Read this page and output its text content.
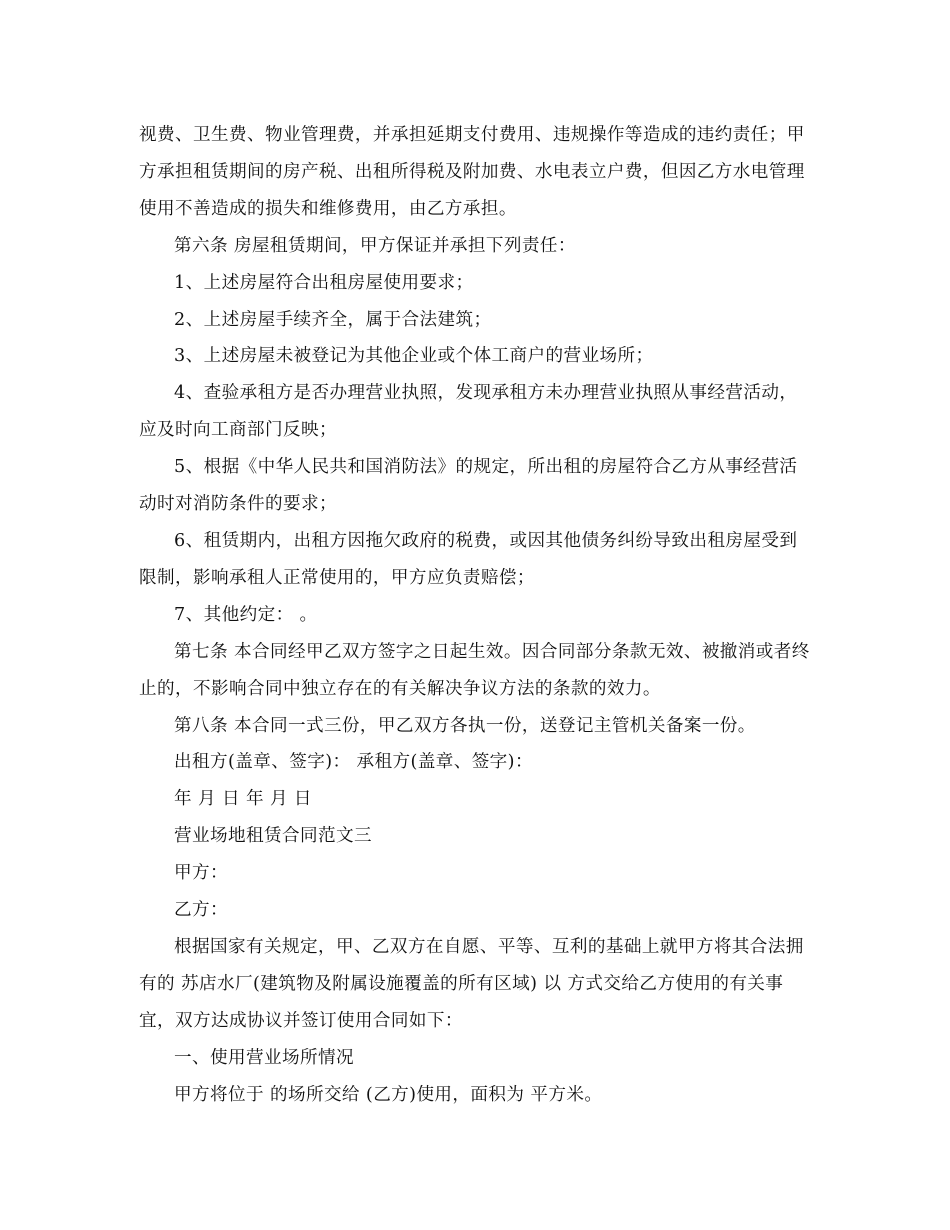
视费、卫生费、物业管理费，并承担延期支付费用、违规操作等造成的违约责任；甲方承担租赁期间的房产税、出租所得税及附加费、水电表立户费，但因乙方水电管理使用不善造成的损失和维修费用，由乙方承担。

第六条 房屋租赁期间，甲方保证并承担下列责任：

1、上述房屋符合出租房屋使用要求；

2、上述房屋手续齐全，属于合法建筑；

3、上述房屋未被登记为其他企业或个体工商户的营业场所；

4、查验承租方是否办理营业执照，发现承租方未办理营业执照从事经营活动，应及时向工商部门反映；

5、根据《中华人民共和国消防法》的规定，所出租的房屋符合乙方从事经营活动时对消防条件的要求；

6、租赁期内，出租方因拖欠政府的税费，或因其他债务纠纷导致出租房屋受到限制，影响承租人正常使用的，甲方应负责赔偿；

7、其他约定： 。

第七条 本合同经甲乙双方签字之日起生效。因合同部分条款无效、被撤消或者终止的，不影响合同中独立存在的有关解决争议方法的条款的效力。

第八条 本合同一式三份，甲乙双方各执一份，送登记主管机关备案一份。

出租方(盖章、签字)： 承租方(盖章、签字)：

年 月 日 年 月 日

营业场地租赁合同范文三

甲方：

乙方：

根据国家有关规定，甲、乙双方在自愿、平等、互利的基础上就甲方将其合法拥有的 苏店水厂(建筑物及附属设施覆盖的所有区域) 以 方式交给乙方使用的有关事宜，双方达成协议并签订使用合同如下：

一、使用营业场所情况

甲方将位于 的场所交给 (乙方)使用，面积为 平方米。
